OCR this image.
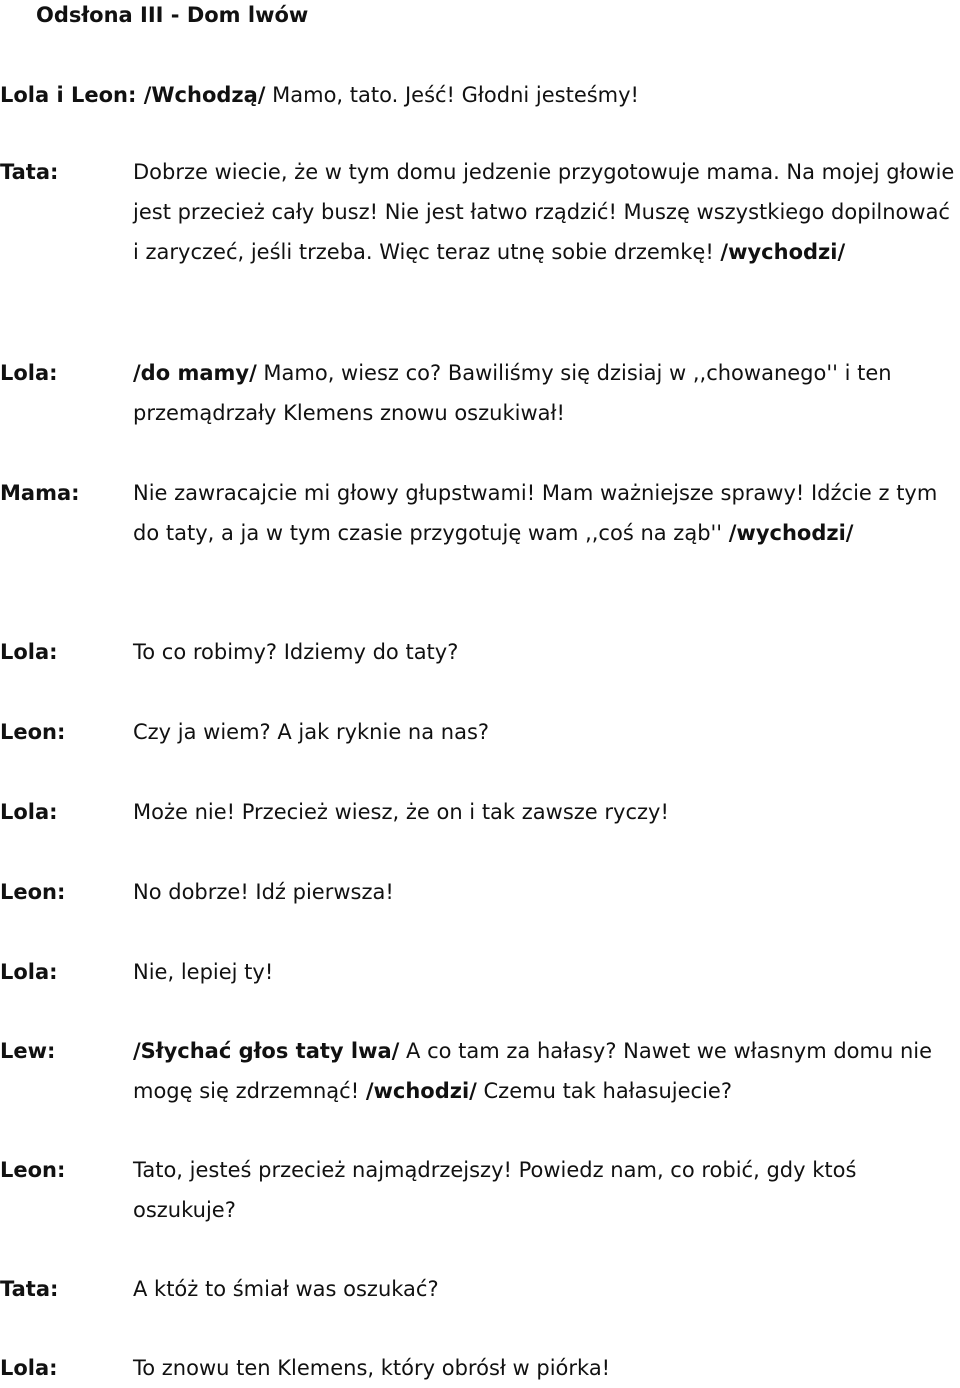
Odsłona III - Dom lwów
Lola i Leon: /Wchodzą/ Mamo, tato. Jeść! Głodni jesteśmy!
Tata:	Dobrze wiecie, że w tym domu jedzenie przygotowuje mama. Na mojej głowie jest przecież cały busz! Nie jest łatwo rządzić! Muszę wszystkiego dopilnować i zaryczeć, jeśli trzeba. Więc teraz utnę sobie drzemkę! /wychodzi/
Lola:	/do mamy/ Mamo, wiesz co? Bawiliśmy się dzisiaj w ,,chowanego'' i ten przemądrzały Klemens znowu oszukiwał!
Mama:	Nie zawracajcie mi głowy głupstwami! Mam ważniejsze sprawy! Idźcie z tym do taty, a ja w tym czasie przygotuję wam ,,coś na ząb'' /wychodzi/
Lola:	To co robimy? Idziemy do taty?
Leon:	Czy ja wiem? A jak ryknie na nas?
Lola:	Może nie! Przecież wiesz, że on i tak zawsze ryczy!
Leon:	No dobrze! Idź pierwsza!
Lola:	Nie, lepiej ty!
Lew:	/Słychać głos taty lwa/ A co tam za hałasy? Nawet we własnym domu nie mogę się zdrzemnąć! /wchodzi/ Czemu tak hałasujecie?
Leon:	Tato, jesteś przecież najmądrzejszy! Powiedz nam, co robić, gdy ktoś oszukuje?
Tata:	A któż to śmiał was oszukać?
Lola:	To znowu ten Klemens, który obrósł w piórka!
